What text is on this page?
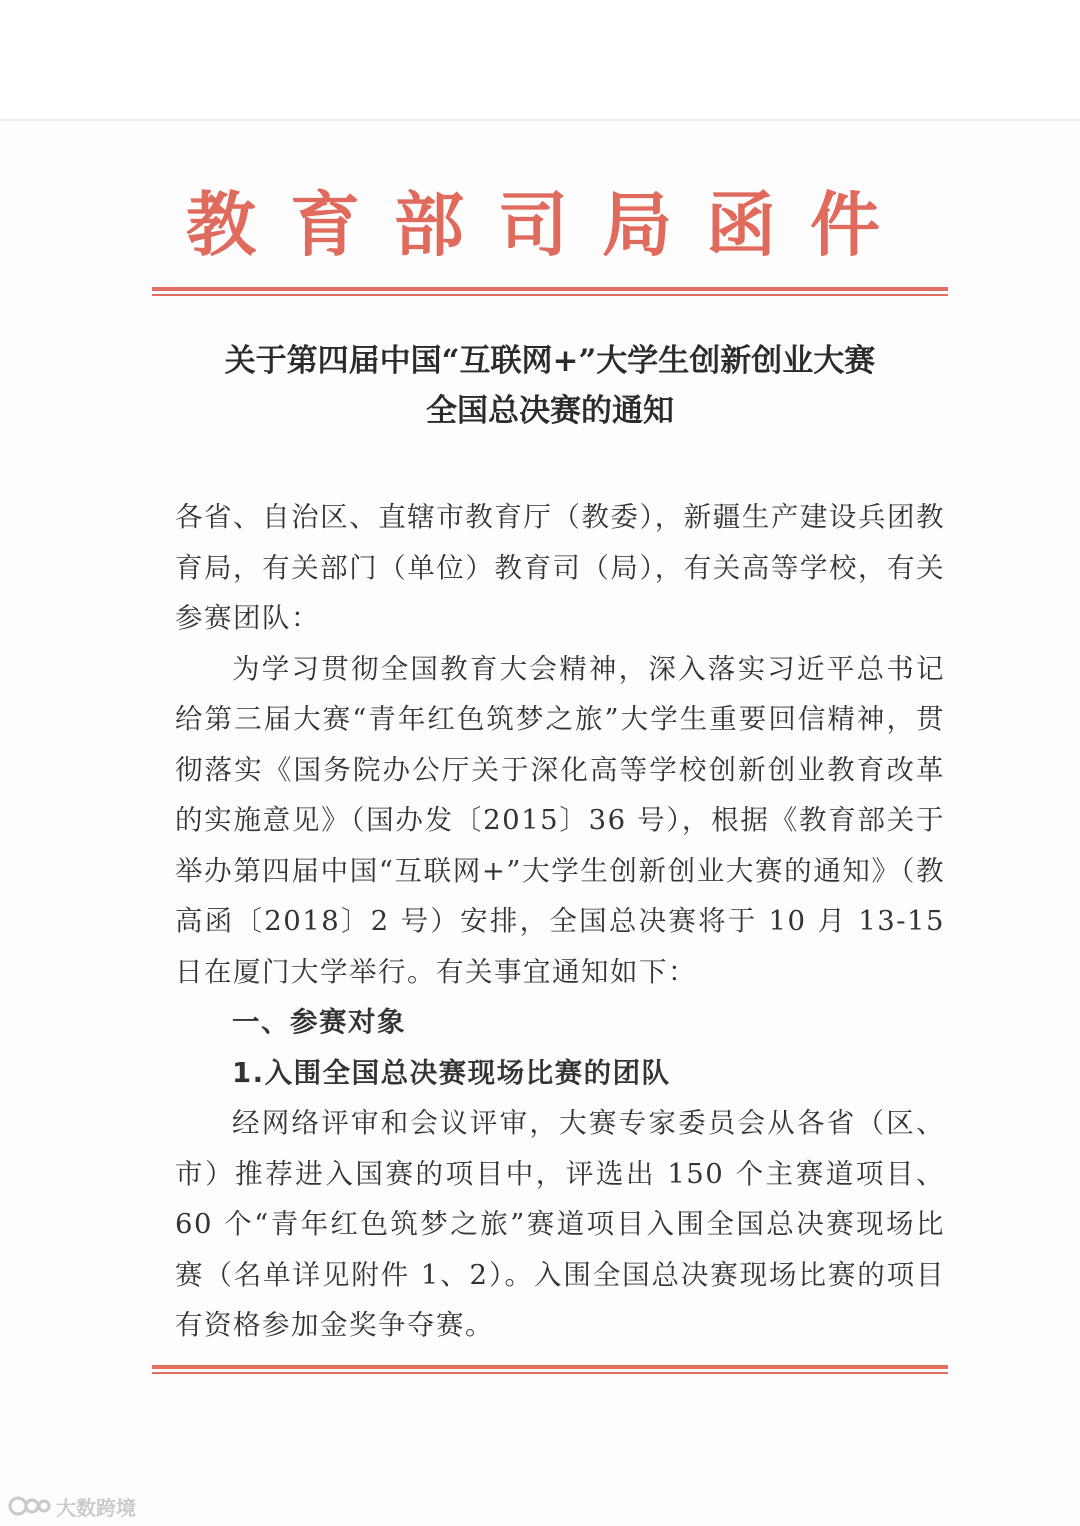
教育部司局函件
关于第四届中国“互联网+”大学生创新创业大赛
全国总决赛的通知

各省、自治区、直辖市教育厅（教委），新疆生产建设兵团教育局，有关部门（单位）教育司（局），有关高等学校，有关参赛团队：

为学习贯彻全国教育大会精神，深入落实习近平总书记给第三届大赛“青年红色筑梦之旅”大学生重要回信精神，贯彻落实《国务院办公厅关于深化高等学校创新创业教育改革的实施意见》（国办发〔2015〕36 号），根据《教育部关于举办第四届中国“互联网+”大学生创新创业大赛的通知》（教高函〔2018〕2 号）安排，全国总决赛将于 10 月 13-15 日在厦门大学举行。有关事宜通知如下：

一、参赛对象

1.入围全国总决赛现场比赛的团队

经网络评审和会议评审，大赛专家委员会从各省（区、市）推荐进入国赛的项目中，评选出 150 个主赛道项目、60 个“青年红色筑梦之旅”赛道项目入围全国总决赛现场比赛（名单详见附件 1、2）。入围全国总决赛现场比赛的项目有资格参加金奖争夺赛。

大数跨境
